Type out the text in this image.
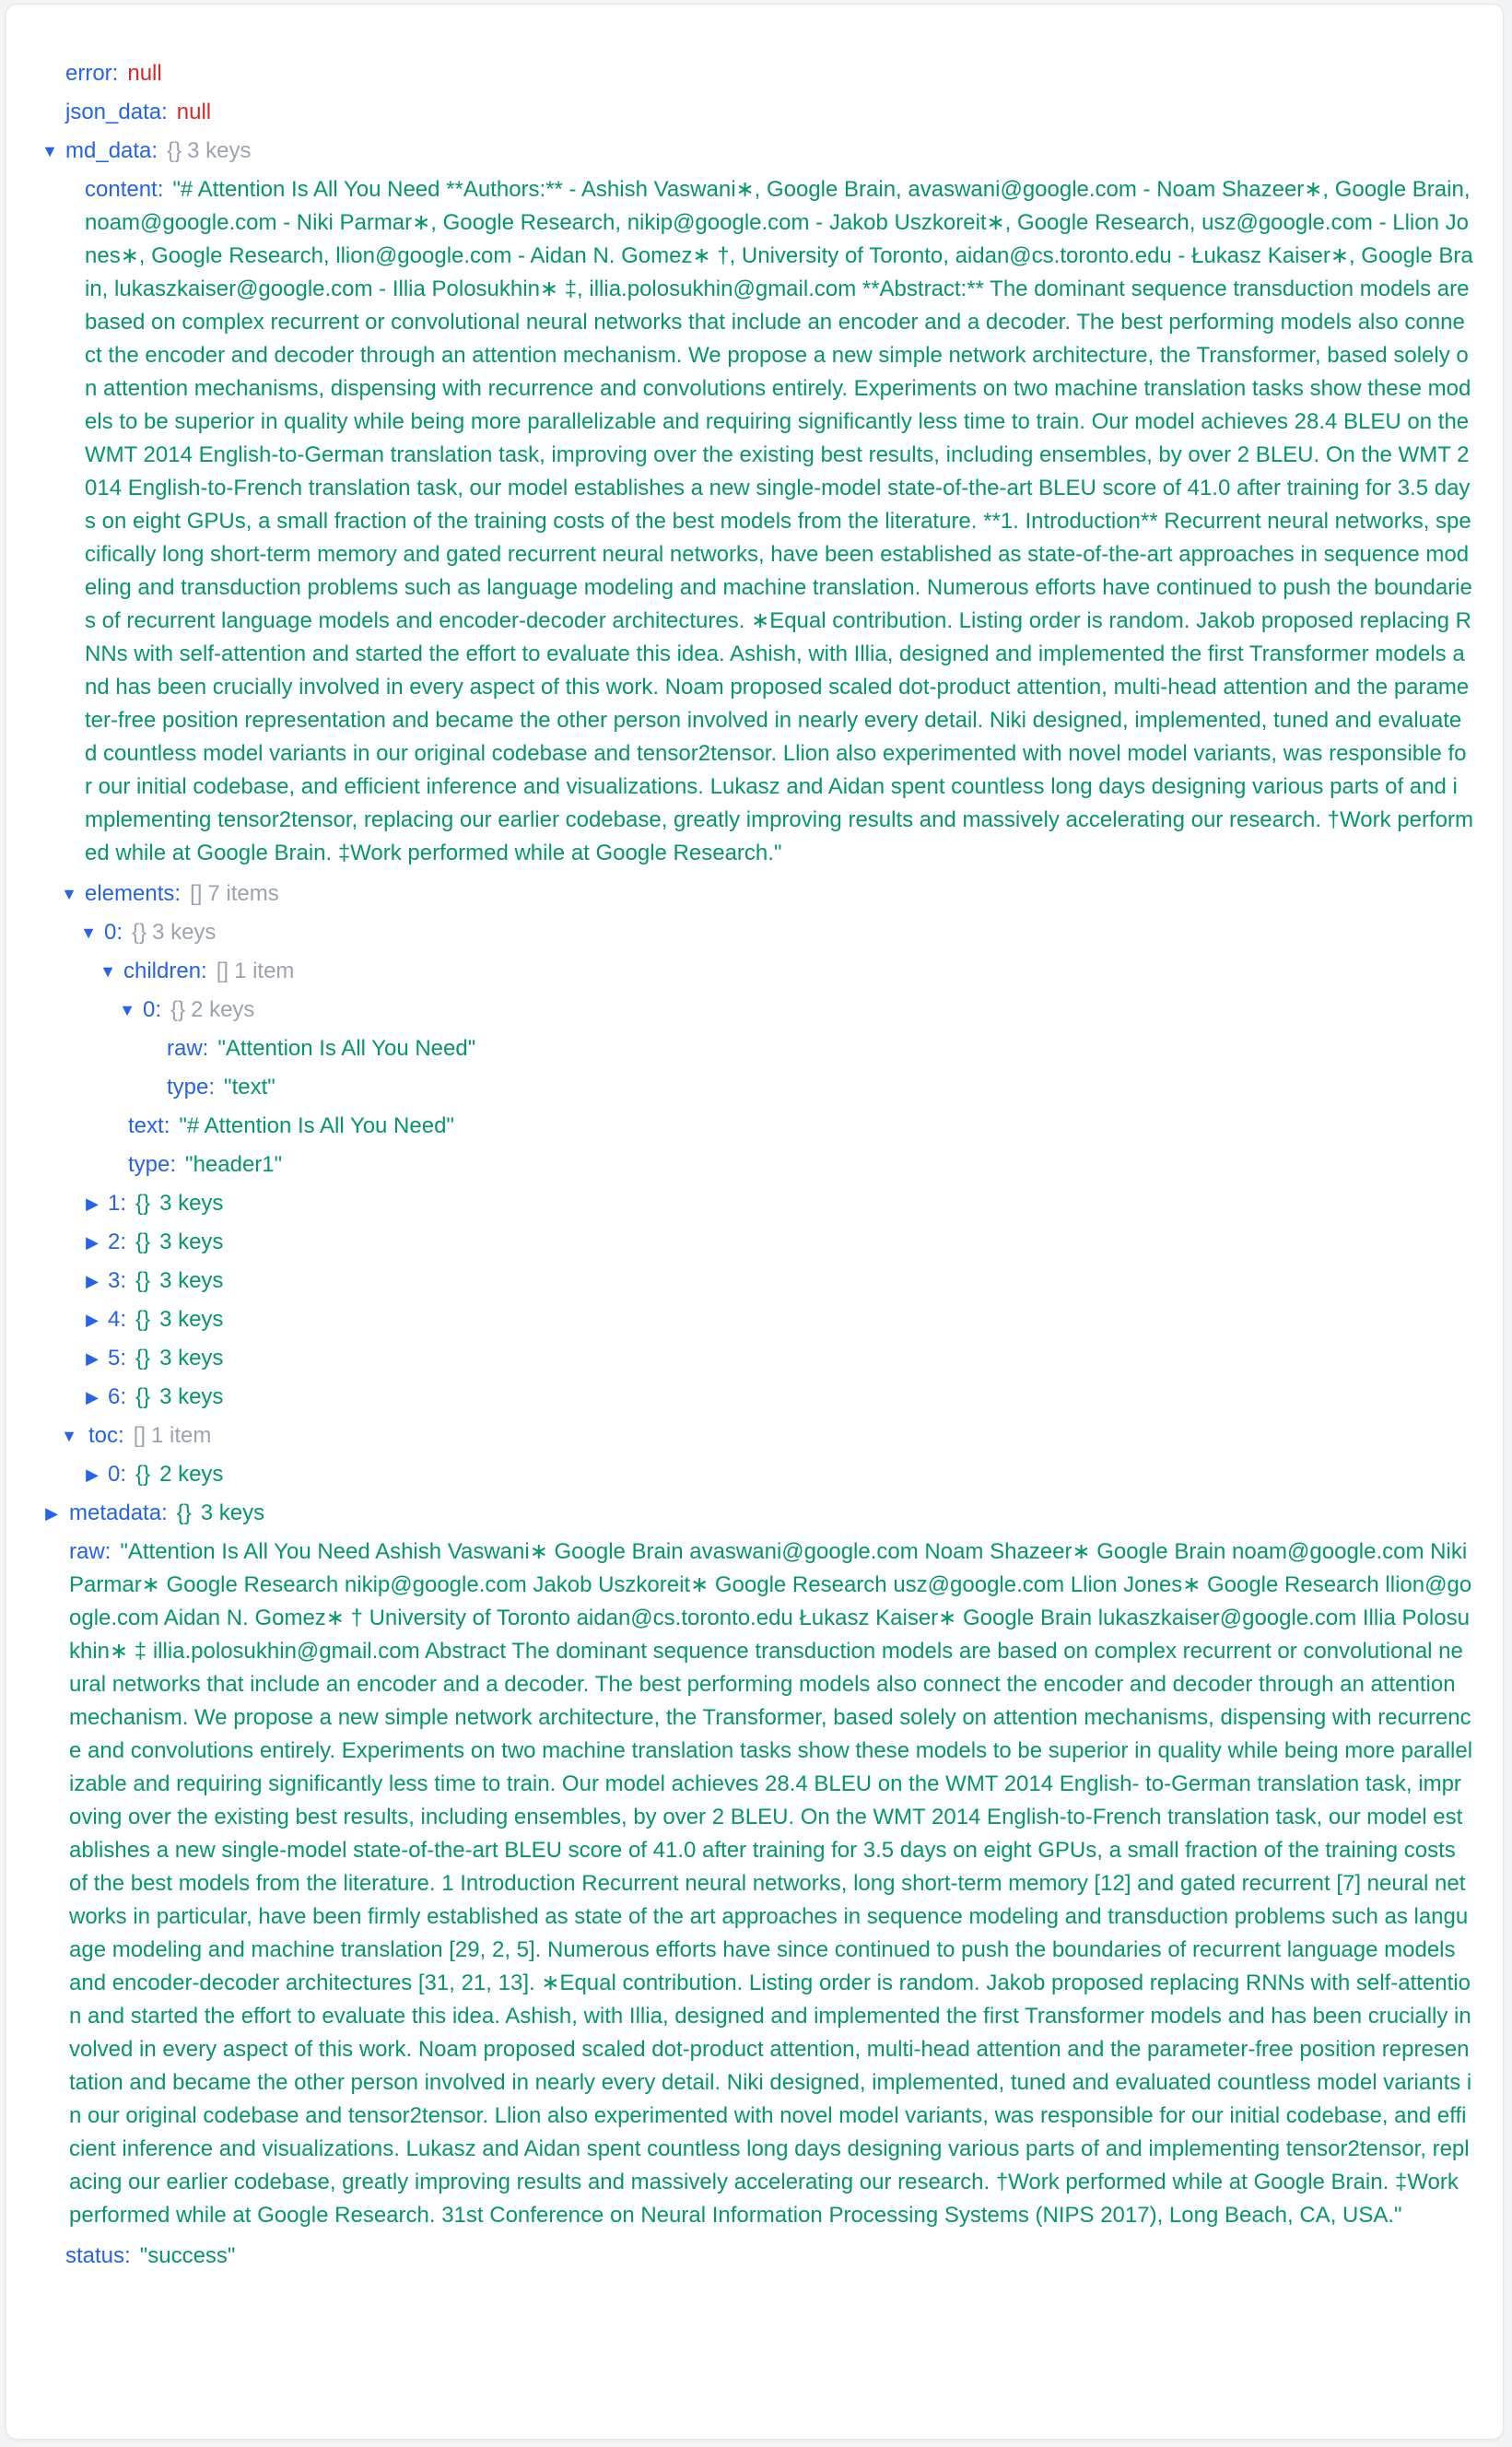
error: null
json_data: null
▼ md_data: {} 3 keys
content: "# Attention Is All You Need **Authors:** - Ashish Vaswani∗, Google Brain, avaswani@google.com - Noam Shazeer∗, Google Brain, noam@google.com - Niki Parmar∗, Google Research, nikip@google.com - Jakob Uszkoreit∗, Google Research, usz@google.com - Llion Jones∗, Google Research, llion@google.com - Aidan N. Gomez∗ †, University of Toronto, aidan@cs.toronto.edu - Łukasz Kaiser∗, Google Brain, lukaszkaiser@google.com - Illia Polosukhin∗ ‡, illia.polosukhin@gmail.com **Abstract:** The dominant sequence transduction models are based on complex recurrent or convolutional neural networks that include an encoder and a decoder. The best performing models also connect the encoder and decoder through an attention mechanism. We propose a new simple network architecture, the Transformer, based solely on attention mechanisms, dispensing with recurrence and convolutions entirely. Experiments on two machine translation tasks show these models to be superior in quality while being more parallelizable and requiring significantly less time to train. Our model achieves 28.4 BLEU on the WMT 2014 English-to-German translation task, improving over the existing best results, including ensembles, by over 2 BLEU. On the WMT 2014 English-to-French translation task, our model establishes a new single-model state-of-the-art BLEU score of 41.0 after training for 3.5 days on eight GPUs, a small fraction of the training costs of the best models from the literature. **1. Introduction** Recurrent neural networks, specifically long short-term memory and gated recurrent neural networks, have been established as state-of-the-art approaches in sequence modeling and transduction problems such as language modeling and machine translation. Numerous efforts have continued to push the boundaries of recurrent language models and encoder-decoder architectures. ∗Equal contribution. Listing order is random. Jakob proposed replacing RNNs with self-attention and started the effort to evaluate this idea. Ashish, with Illia, designed and implemented the first Transformer models and has been crucially involved in every aspect of this work. Noam proposed scaled dot-product attention, multi-head attention and the parameter-free position representation and became the other person involved in nearly every detail. Niki designed, implemented, tuned and evaluated countless model variants in our original codebase and tensor2tensor. Llion also experimented with novel model variants, was responsible for our initial codebase, and efficient inference and visualizations. Lukasz and Aidan spent countless long days designing various parts of and implementing tensor2tensor, replacing our earlier codebase, greatly improving results and massively accelerating our research. †Work performed while at Google Brain. ‡Work performed while at Google Research."
▼ elements: [] 7 items
▼ 0: {} 3 keys
▼ children: [] 1 item
▼ 0: {} 2 keys
raw: "Attention Is All You Need"
type: "text"
text: "# Attention Is All You Need"
type: "header1"
▶ 1: {} 3 keys
▶ 2: {} 3 keys
▶ 3: {} 3 keys
▶ 4: {} 3 keys
▶ 5: {} 3 keys
▶ 6: {} 3 keys
▼ toc: [] 1 item
▶ 0: {} 2 keys
▶ metadata: {} 3 keys
raw: "Attention Is All You Need Ashish Vaswani∗ Google Brain avaswani@google.com Noam Shazeer∗ Google Brain noam@google.com Niki Parmar∗ Google Research nikip@google.com Jakob Uszkoreit∗ Google Research usz@google.com Llion Jones∗ Google Research llion@google.com Aidan N. Gomez∗ † University of Toronto aidan@cs.toronto.edu Łukasz Kaiser∗ Google Brain lukaszkaiser@google.com Illia Polosukhin∗ ‡ illia.polosukhin@gmail.com Abstract The dominant sequence transduction models are based on complex recurrent or convolutional neural networks that include an encoder and a decoder. The best performing models also connect the encoder and decoder through an attention mechanism. We propose a new simple network architecture, the Transformer, based solely on attention mechanisms, dispensing with recurrence and convolutions entirely. Experiments on two machine translation tasks show these models to be superior in quality while being more parallelizable and requiring significantly less time to train. Our model achieves 28.4 BLEU on the WMT 2014 English- to-German translation task, improving over the existing best results, including ensembles, by over 2 BLEU. On the WMT 2014 English-to-French translation task, our model establishes a new single-model state-of-the-art BLEU score of 41.0 after training for 3.5 days on eight GPUs, a small fraction of the training costs of the best models from the literature. 1 Introduction Recurrent neural networks, long short-term memory [12] and gated recurrent [7] neural networks in particular, have been firmly established as state of the art approaches in sequence modeling and transduction problems such as language modeling and machine translation [29, 2, 5]. Numerous efforts have since continued to push the boundaries of recurrent language models and encoder-decoder architectures [31, 21, 13]. ∗Equal contribution. Listing order is random. Jakob proposed replacing RNNs with self-attention and started the effort to evaluate this idea. Ashish, with Illia, designed and implemented the first Transformer models and has been crucially involved in every aspect of this work. Noam proposed scaled dot-product attention, multi-head attention and the parameter-free position representation and became the other person involved in nearly every detail. Niki designed, implemented, tuned and evaluated countless model variants in our original codebase and tensor2tensor. Llion also experimented with novel model variants, was responsible for our initial codebase, and efficient inference and visualizations. Lukasz and Aidan spent countless long days designing various parts of and implementing tensor2tensor, replacing our earlier codebase, greatly improving results and massively accelerating our research. †Work performed while at Google Brain. ‡Work performed while at Google Research. 31st Conference on Neural Information Processing Systems (NIPS 2017), Long Beach, CA, USA."
status: "success"
